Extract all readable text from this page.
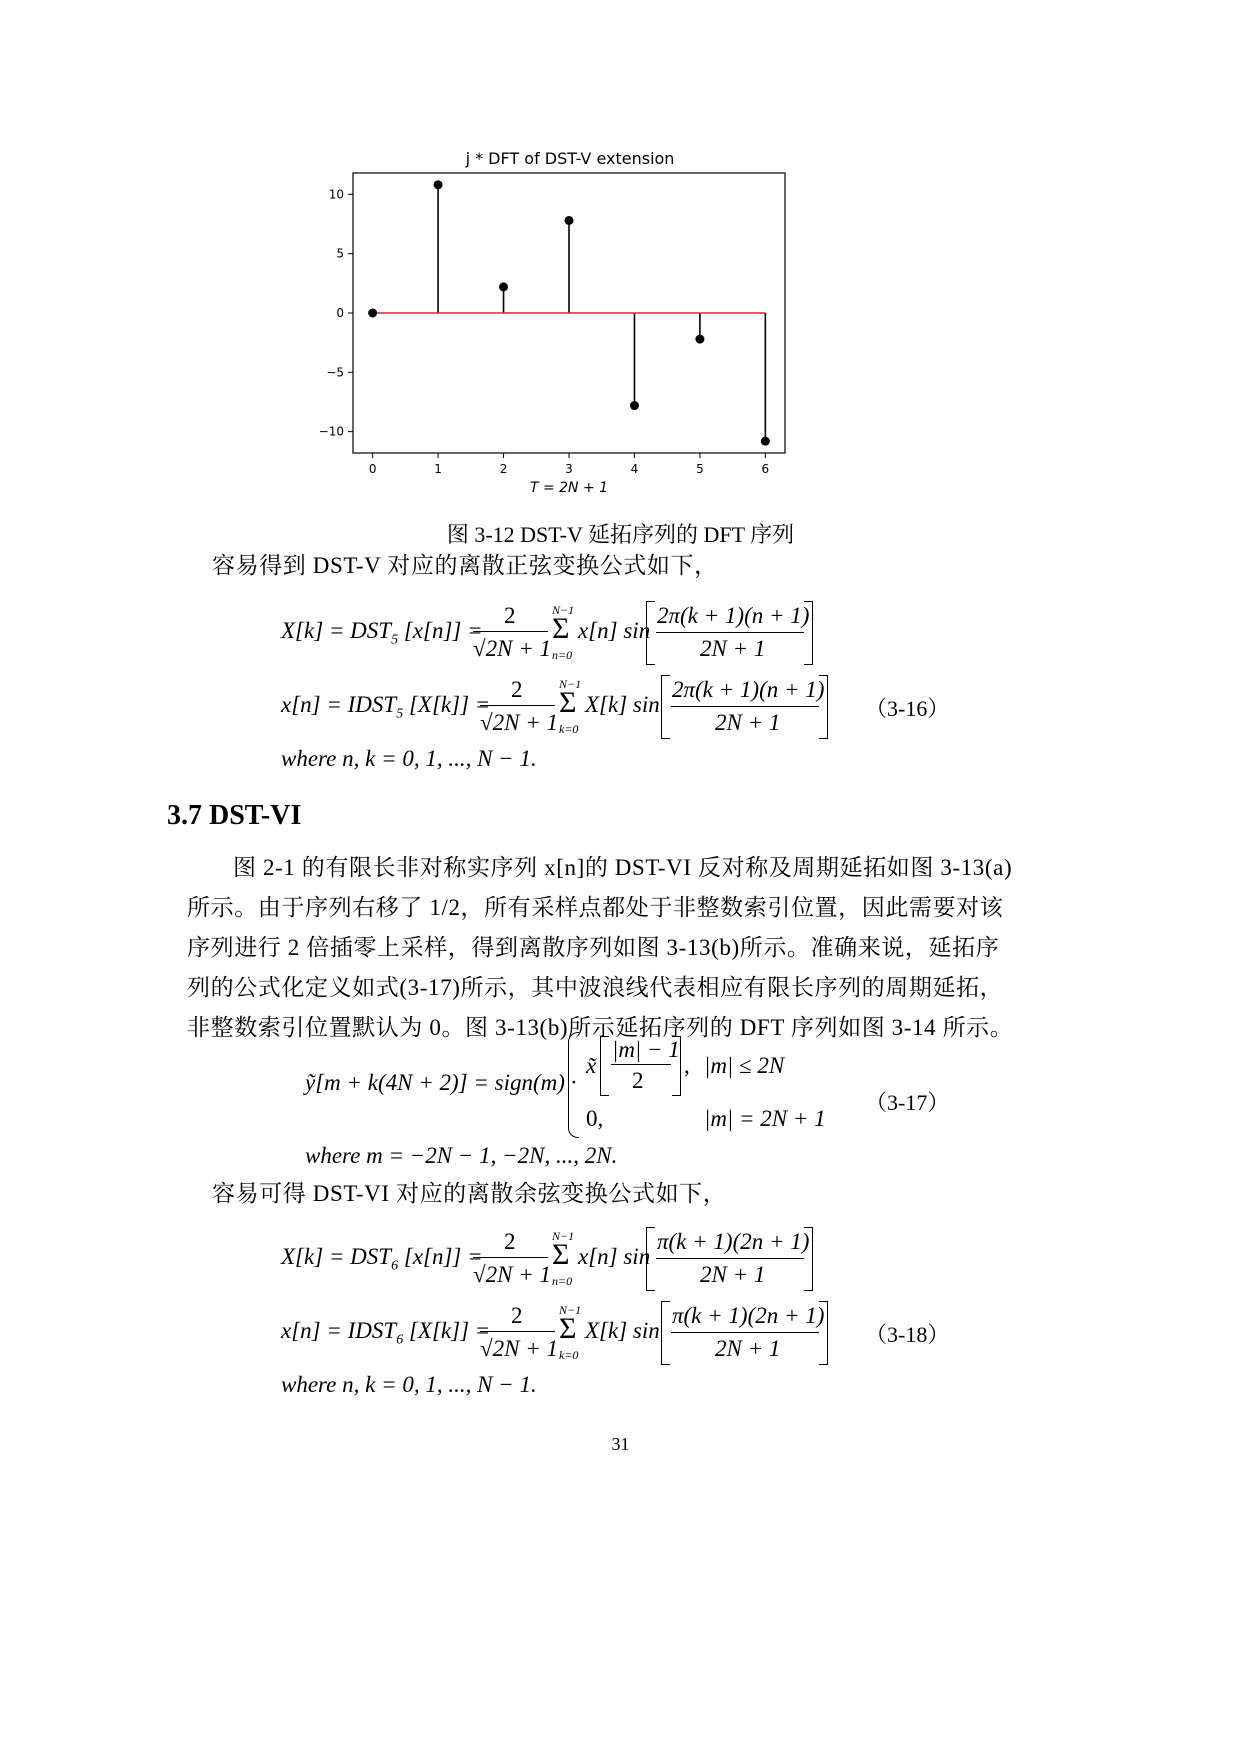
j * DFT of DST-V extension
10
5
0
−5
−10
0	1	2	3	4	5	6
T = 2N + 1
图 3-12 DST-V 延拓序列的 DFT 序列
容易得到 DST-V 对应的离散正弦变换公式如下，
$X[k] = DST_5$ [x[n]] =
2
√2N + 1
N−1
Σ
n=0
x[n] sin
2π(k + 1)(n + 1)
2N + 1
$x[n] = IDST_5$ [X[k]] =
2
√2N + 1
N−1
Σ
k=0
X[k] sin
2π(k + 1)(n + 1)
2N + 1
（3-16）
where n, k = 0, 1, ..., N − 1.
3.7 DST-VI
图 2-1 的有限长非对称实序列 x[n]的 DST-VI 反对称及周期延拓如图 3-13(a)
所示。由于序列右移了 1/2，所有采样点都处于非整数索引位置，因此需要对该
序列进行 2 倍插零上采样，得到离散序列如图 3-13(b)所示。准确来说，延拓序
列的公式化定义如式(3-17)所示，其中波浪线代表相应有限长序列的周期延拓，
非整数索引位置默认为 0。图 3-13(b)所示延拓序列的 DFT 序列如图 3-14 所示。
ỹ[m + k(4N + 2)] = sign(m) ·
x̃
|m| − 1
2
, |m| ≤ 2N
0,	|m| = 2N + 1
（3-17）
where m = −2N − 1, −2N, ..., 2N.
容易可得 DST-VI 对应的离散余弦变换公式如下，
$X[k] = DST_6$ [x[n]] =
2
√2N + 1
N−1
Σ
n=0
x[n] sin
π(k + 1)(2n + 1)
2N + 1
$x[n] = IDST_6$ [X[k]] =
2
√2N + 1
N−1
Σ
k=0
X[k] sin
π(k + 1)(2n + 1)
2N + 1
（3-18）
where n, k = 0, 1, ..., N − 1.
31
